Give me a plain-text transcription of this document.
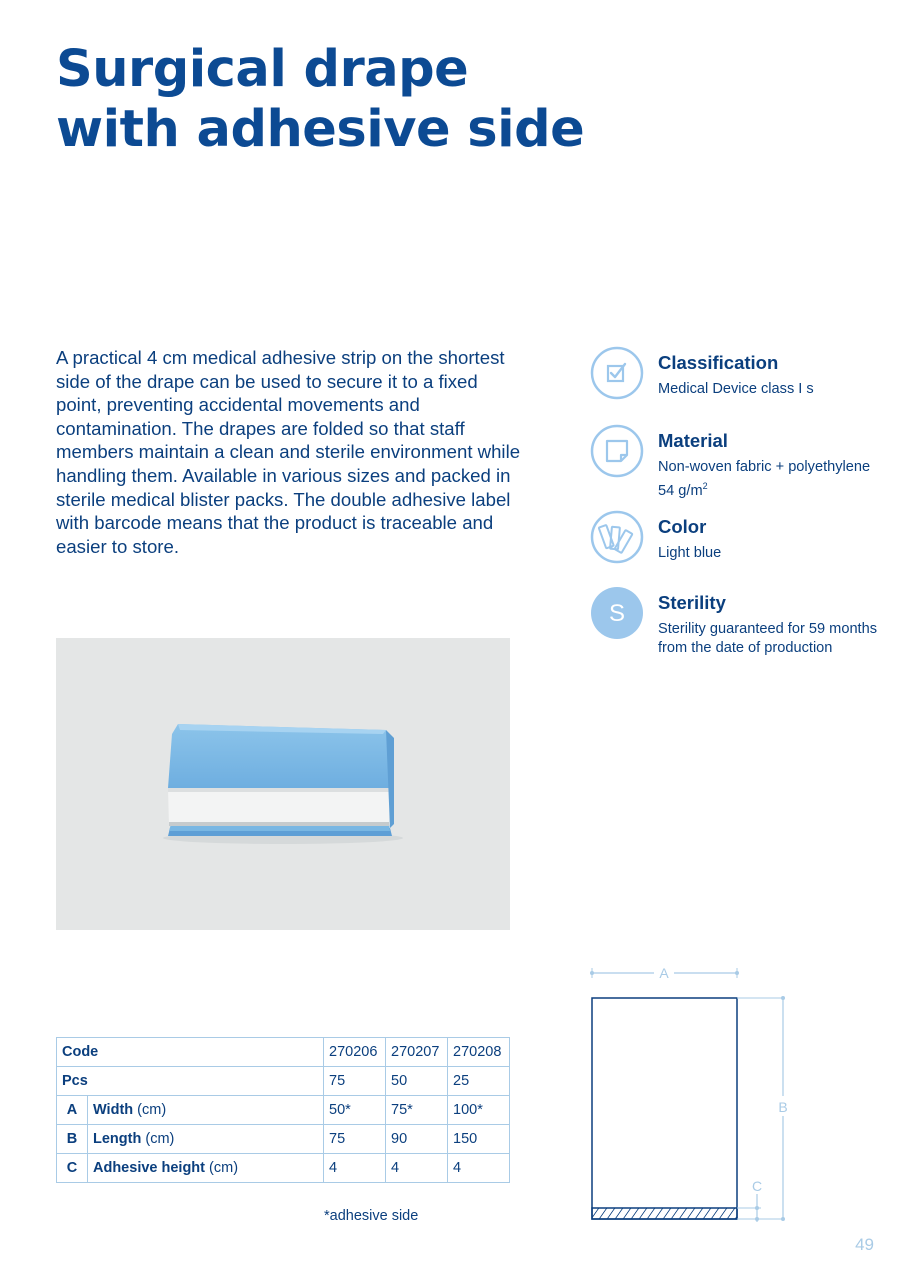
Surgical drape
with adhesive side

A practical 4 cm medical adhesive strip on the shortest side of the drape can be used to secure it to a fixed point, preventing accidental movements and contamination. The drapes are folded so that staff members maintain a clean and sterile environment while handling them. Available in various sizes and packed in sterile medical blister packs. The double adhesive label with barcode means that the product is traceable and easier to store.

Classification

Medical Device class I s

Material

Non-woven fabric + polyethylene 54 $g/m^2$

Color

Light blue

S Sterility

Sterility guaranteed for 59 months from the date of production

Code		270206	270207	270208
Pcs		75	50	25
A	Width (cm)	50*	75*	100*
B	Length (cm)	75	90	150
C	Adhesive height (cm)	4	4	4

*adhesive side

A
B
C

49
